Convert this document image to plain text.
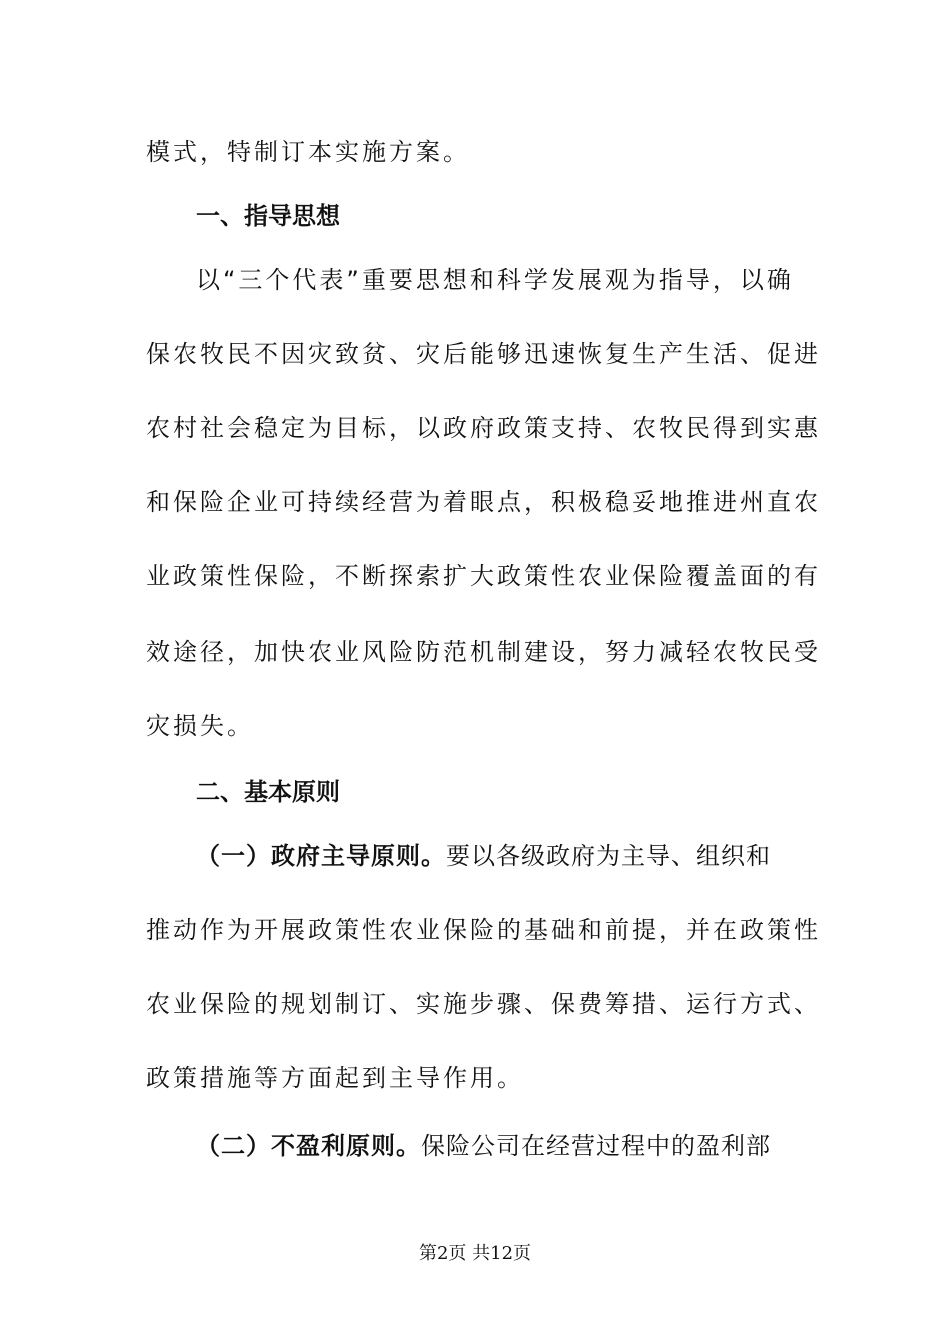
模式，特制订本实施方案。
一、指导思想
以“三个代表”重要思想和科学发展观为指导，以确
保农牧民不因灾致贫、灾后能够迅速恢复生产生活、促进
农村社会稳定为目标，以政府政策支持、农牧民得到实惠
和保险企业可持续经营为着眼点，积极稳妥地推进州直农
业政策性保险，不断探索扩大政策性农业保险覆盖面的有
效途径，加快农业风险防范机制建设，努力减轻农牧民受
灾损失。
二、基本原则
（一）政府主导原则。要以各级政府为主导、组织和
推动作为开展政策性农业保险的基础和前提，并在政策性
农业保险的规划制订、实施步骤、保费筹措、运行方式、
政策措施等方面起到主导作用。
（二）不盈利原则。保险公司在经营过程中的盈利部
第2页 共12页
